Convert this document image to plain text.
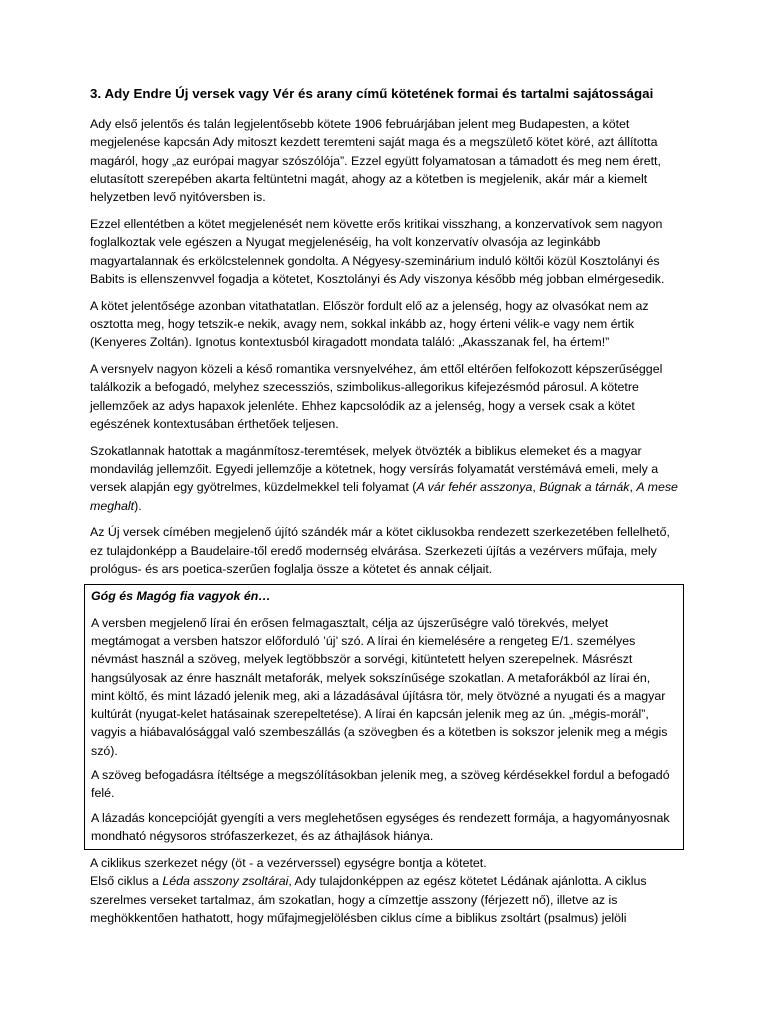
3. Ady Endre Új versek vagy Vér és arany című kötetének formai és tartalmi sajátosságai

Ady első jelentős és talán legjelentősebb kötete 1906 februárjában jelent meg Budapesten, a kötet megjelenése kapcsán Ady mitoszt kezdett teremteni saját maga és a megszülető kötet köré, azt állította magáról, hogy „az európai magyar szószólója”. Ezzel együtt folyamatosan a támadott és meg nem érett, elutasított szerepében akarta feltüntetni magát, ahogy az a kötetben is megjelenik, akár már a kiemelt helyzetben levő nyitóversben is.

Ezzel ellentétben a kötet megjelenését nem követte erős kritikai visszhang, a konzervatívok sem nagyon foglalkoztak vele egészen a Nyugat megjelenéséig, ha volt konzervatív olvasója az leginkább magyartalannak és erkölcstelennek gondolta. A Négyesy-szeminárium induló költői közül Kosztolányi és Babits is ellenszenvvel fogadja a kötetet, Kosztolányi és Ady viszonya később még jobban elmérgesedik.

A kötet jelentősége azonban vitathatatlan. Először fordult elő az a jelenség, hogy az olvasókat nem az osztotta meg, hogy tetszik-e nekik, avagy nem, sokkal inkább az, hogy érteni vélik-e vagy nem értik (Kenyeres Zoltán). Ignotus kontextusból kiragadott mondata találó: „Akasszanak fel, ha értem!”

A versnyelv nagyon közeli a késő romantika versnyelvéhez, ám ettől eltérően felfokozott képszerűséggel találkozik a befogadó, melyhez szecessziós, szimbolikus-allegorikus kifejezésmód párosul. A kötetre jellemzőek az adys hapaxok jelenléte. Ehhez kapcsolódik az a jelenség, hogy a versek csak a kötet egészének kontextusában érthetőek teljesen.

Szokatlannak hatottak a magánmítosz-teremtések, melyek ötvözték a biblikus elemeket és a magyar mondavilág jellemzőit. Egyedi jellemzője a kötetnek, hogy versírás folyamatát verstémává emeli, mely a versek alapján egy gyötrelmes, küzdelmekkel teli folyamat (A vár fehér asszonya, Búgnak a tárnák, A mese meghalt).

Az Új versek címében megjelenő újító szándék már a kötet ciklusokba rendezett szerkezetében fellelhető, ez tulajdonképp a Baudelaire-től eredő modernség elvárása. Szerkezeti újítás a vezérvers műfaja, mely prológus- és ars poetica-szerűen foglalja össze a kötetet és annak céljait.

Góg és Magóg fia vagyok én…

A versben megjelenő lírai én erősen felmagasztalt, célja az újszerűségre való törekvés, melyet megtámogat a versben hatszor előforduló ’új’ szó. A lírai én kiemelésére a rengeteg E/1. személyes névmást használ a szöveg, melyek legtöbbször a sorvégi, kitüntetett helyen szerepelnek. Másrészt hangsúlyosak az énre használt metaforák, melyek sokszínűsége szokatlan. A metaforákból az lírai én, mint költő, és mint lázadó jelenik meg, aki a lázadásával újításra tör, mely ötvözné a nyugati és a magyar kultúrát (nyugat-kelet hatásainak szerepeltetése). A lírai én kapcsán jelenik meg az ún. „mégis-morál”, vagyis a hiábavalósággal való szembeszállás (a szövegben és a kötetben is sokszor jelenik meg a mégis szó).

A szöveg befogadásra ítéltsége a megszólításokban jelenik meg, a szöveg kérdésekkel fordul a befogadó felé.

A lázadás koncepcióját gyengíti a vers meglehetősen egységes és rendezett formája, a hagyományosnak mondható négysoros strófaszerkezet, és az áthajlások hiánya.

A ciklikus szerkezet négy (öt - a vezérverssel) egységre bontja a kötetet.

Első ciklus a Léda asszony zsoltárai, Ady tulajdonképpen az egész kötetet Lédának ajánlotta. A ciklus szerelmes verseket tartalmaz, ám szokatlan, hogy a címzettje asszony (férjezett nő), illetve az is meghökkentően hathatott, hogy műfajmegjelölésben ciklus címe a biblikus zsoltárt (psalmus) jelöli
